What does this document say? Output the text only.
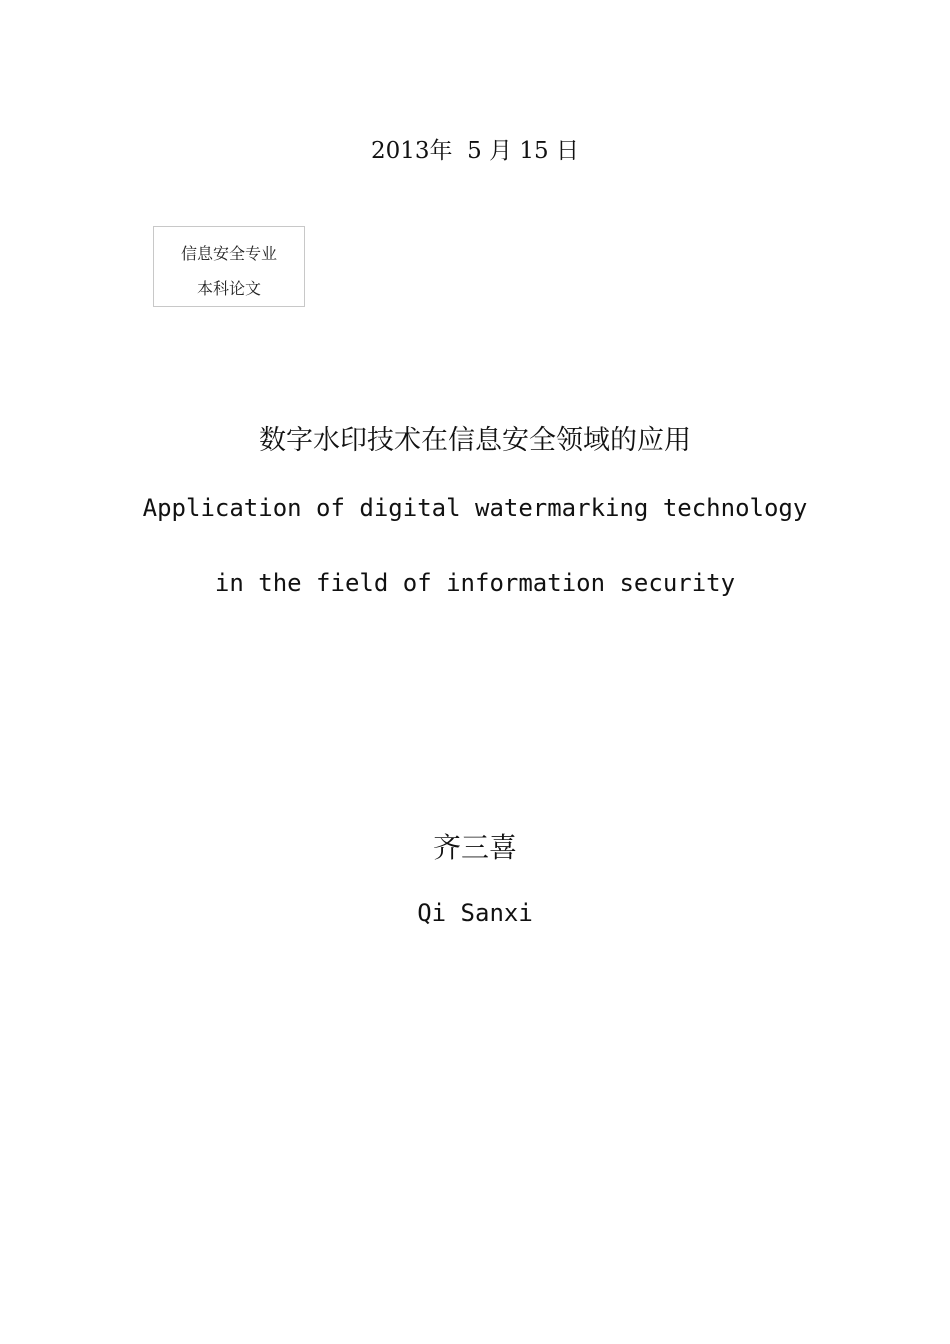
2013年  5 月 15 日
信息安全专业
本科论文
数字水印技术在信息安全领域的应用
Application of digital watermarking technology
in the field of information security
齐三喜
Qi Sanxi
